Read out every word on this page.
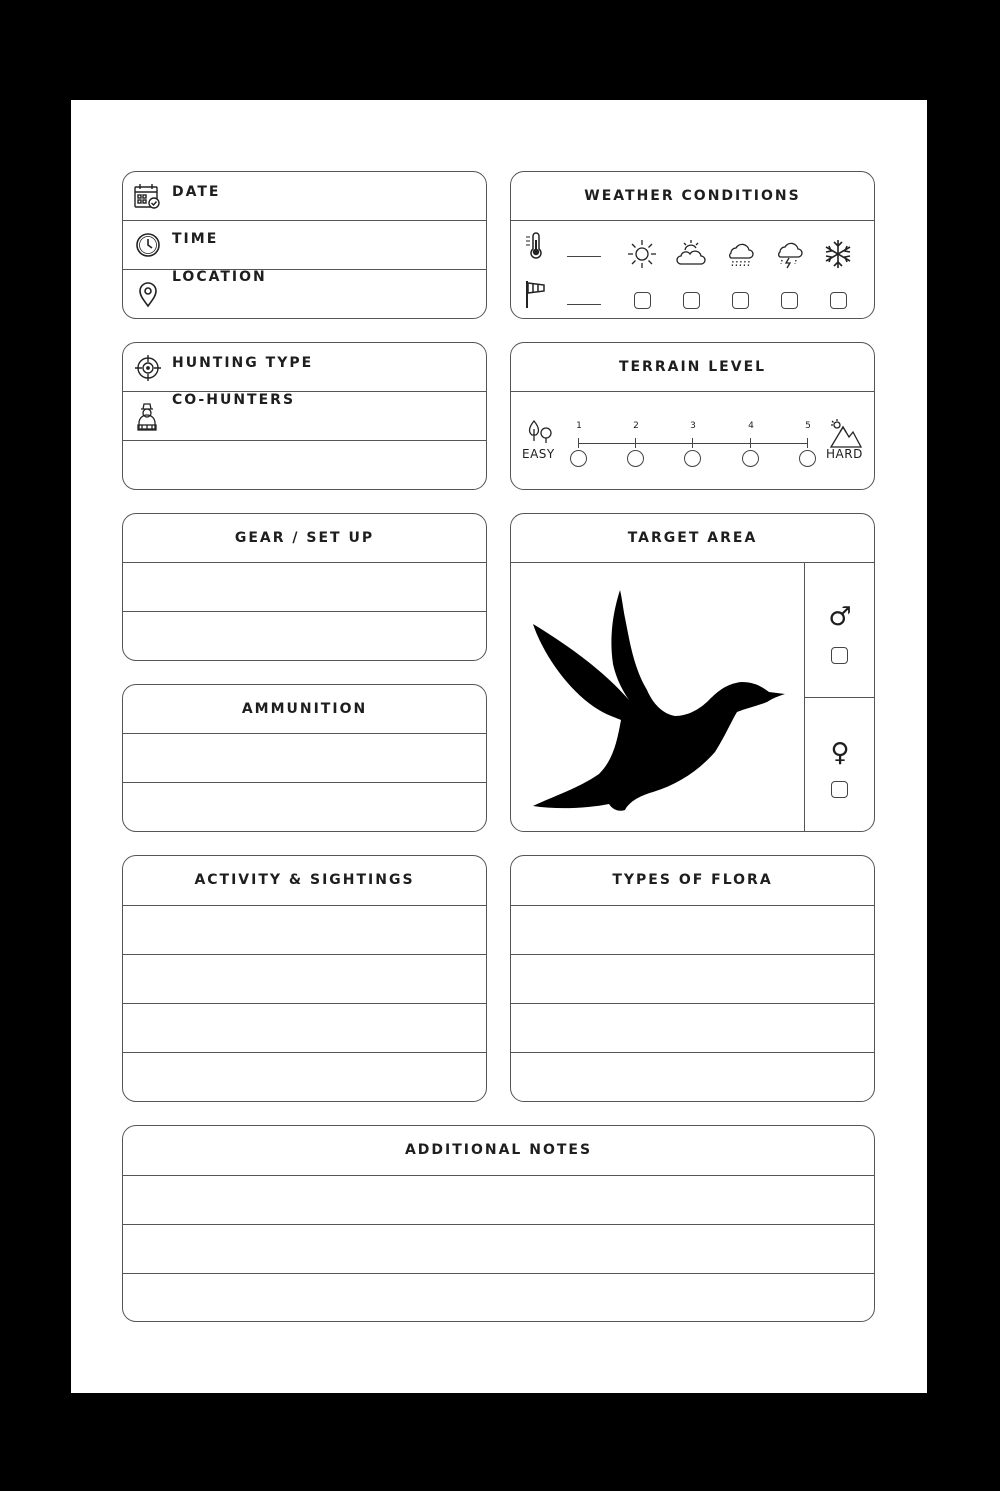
DATE
TIME
LOCATION
WEATHER CONDITIONS
HUNTING TYPE
CO-HUNTERS
TERRAIN LEVEL
EASY	HARD
1	2	3	4	5
GEAR / SET UP
AMMUNITION
TARGET AREA
♂
♀
ACTIVITY & SIGHTINGS	TYPES OF FLORA
ADDITIONAL NOTES
